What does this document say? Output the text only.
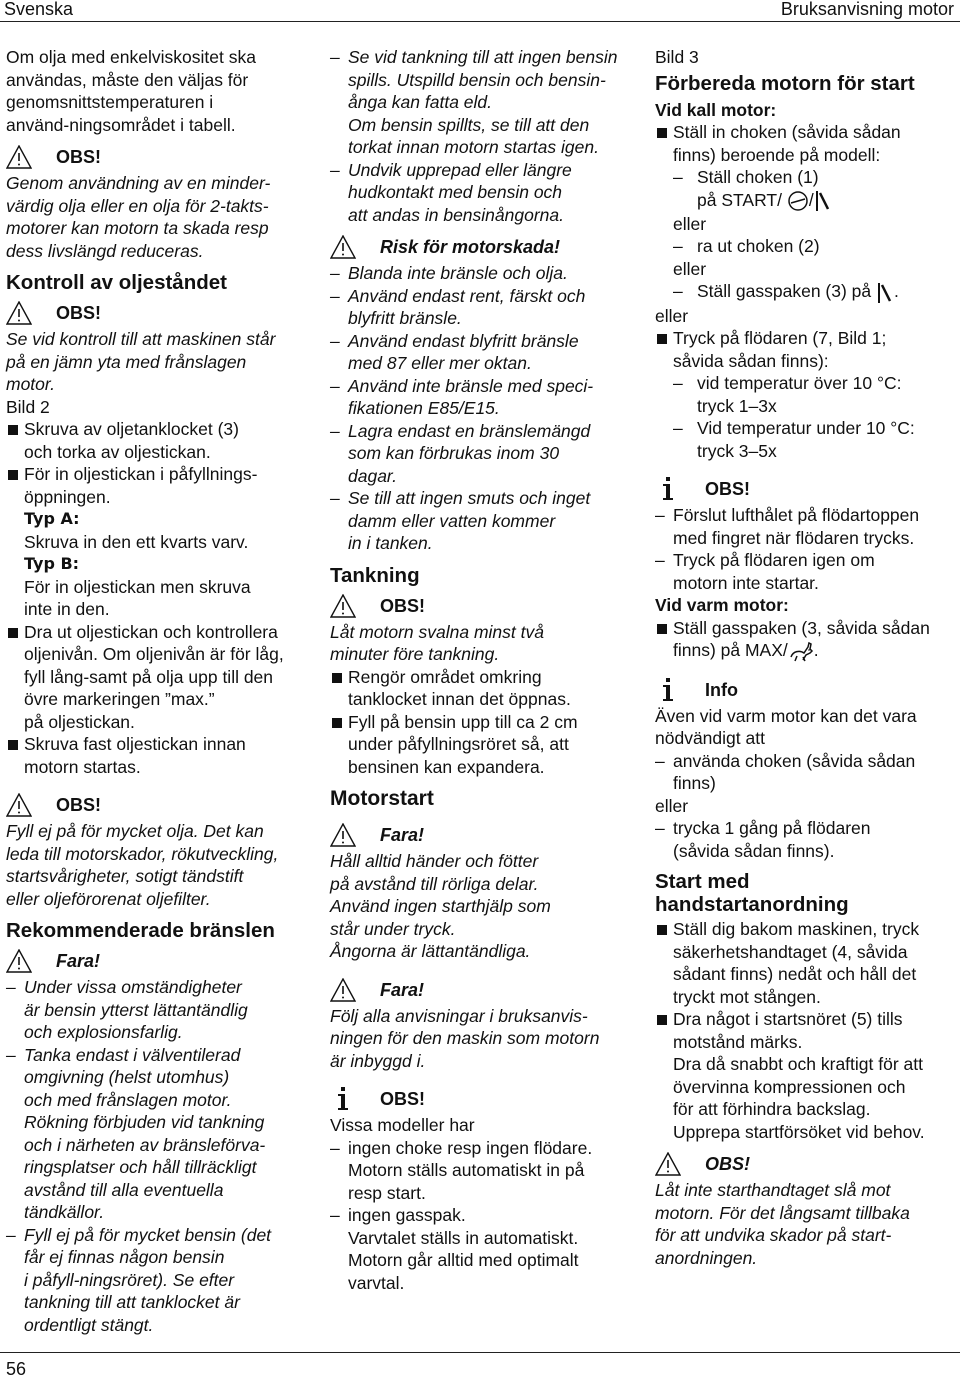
Svenska	Bruksanvisning motor

Om olja med enkelviskositet ska
användas, måste den väljas för
genomsnittstemperaturen i
använd-ningsområdet i tabell.

OBS!

Genom användning av en minder-
värdig olja eller en olja för 2-takts-
motorer kan motorn ta skada resp
dess livslängd reduceras.

Kontroll av oljeståndet
OBS!

Se vid kontroll till att maskinen står
på en jämn yta med frånslagen
motor.

Bild 2

Skruva av oljetanklocket (3)
och torka av oljestickan.
För in oljestickan i påfyllnings-
öppningen.
Typ A:
Skruva in den ett kvarts varv.
Typ B:
För in oljestickan men skruva
inte in den.
Dra ut oljestickan och kontrollera
oljenivån. Om oljenivån är för låg,
fyll lång-samt på olja upp till den
övre markeringen ”max.”
på oljestickan.
Skruva fast oljestickan innan
motorn startas.
OBS!

Fyll ej på för mycket olja. Det kan
leda till motorskador, rökutveckling,
startsvårigheter, sotigt tändstift
eller oljeförorenat oljefilter.

Rekommenderade bränslen
Fara!
– Under vissa omständigheter
är bensin ytterst lättantändlig
och explosionsfarlig.
– Tanka endast i välventilerad
omgivning (helst utomhus)
och med frånslagen motor.
Rökning förbjuden vid tankning
och i närheten av bränsleförva-
ringsplatser och håll tillräckligt
avstånd till alla eventuella
tändkällor.
– Fyll ej på för mycket bensin (det
får ej finnas någon bensin
i påfyll-ningsröret). Se efter
tankning till att tanklocket är
ordentligt stängt.
– Se vid tankning till att ingen bensin
spills. Utspilld bensin och bensin-
ånga kan fatta eld.
Om bensin spillts, se till att den
torkat innan motorn startas igen.
– Undvik upprepad eller längre
hudkontakt med bensin och
att andas in bensinångorna.
Risk för motorskada!
– Blanda inte bränsle och olja.
– Använd endast rent, färskt och
blyfritt bränsle.
– Använd endast blyfritt bränsle
med 87 eller mer oktan.
– Använd inte bränsle med speci-
fikationen E85/E15.
– Lagra endast en bränslemängd
som kan förbrukas inom 30
dagar.
– Se till att ingen smuts och inget
damm eller vatten kommer
in i tanken.
Tankning
OBS!

Låt motorn svalna minst två
minuter före tankning.

Rengör området omkring
tanklocket innan det öppnas.
Fyll på bensin upp till ca 2 cm
under påfyllningsröret så, att
bensinen kan expandera.
Motorstart
Fara!

Håll alltid händer och fötter
på avstånd till rörliga delar.
Använd ingen starthjälp som
står under tryck.
Ångorna är lättantändliga.

Fara!

Följ alla anvisningar i bruksanvis-
ningen för den maskin som motorn
är inbyggd i.

OBS!

Vissa modeller har

– ingen choke resp ingen flödare.
Motorn ställs automatiskt in på
resp start.
– ingen gasspak.
Varvtalet ställs in automatiskt.
Motorn går alltid med optimalt
varvtal.

Bild 3

Förbereda motorn för start
Vid kall motor:
Ställ in choken (såvida sådan
finns) beroende på modell:
– Ställ choken (1)
på START/ /

eller

– ra ut choken (2)

eller

– Ställ gasspaken (3) på .

eller

Tryck på flödaren (7, Bild 1;
såvida sådan finns):
– vid temperatur över 10 °C:
tryck 1–3x
– Vid temperatur under 10 °C:
tryck 3–5x
OBS!
– Förslut lufthålet på flödartoppen
med fingret när flödaren trycks.
– Tryck på flödaren igen om
motorn inte startar.
Vid varm motor:
Ställ gasspaken (3, såvida sådan
finns) på MAX/ .
Info

Även vid varm motor kan det vara
nödvändigt att

– använda choken (såvida sådan
finns)

eller

– trycka 1 gång på flödaren
(såvida sådan finns).
Start med
handstartanordning
Ställ dig bakom maskinen, tryck
säkerhetshandtaget (4, såvida
sådant finns) nedåt och håll det
tryckt mot stången.
Dra något i startsnöret (5) tills
motstånd märks.
Dra då snabbt och kraftigt för att
övervinna kompressionen och
för att förhindra backslag.
Upprepa startförsöket vid behov.
OBS!

Låt inte starthandtaget slå mot
motorn. För det långsamt tillbaka
för att undvika skador på start-
anordningen.

56
